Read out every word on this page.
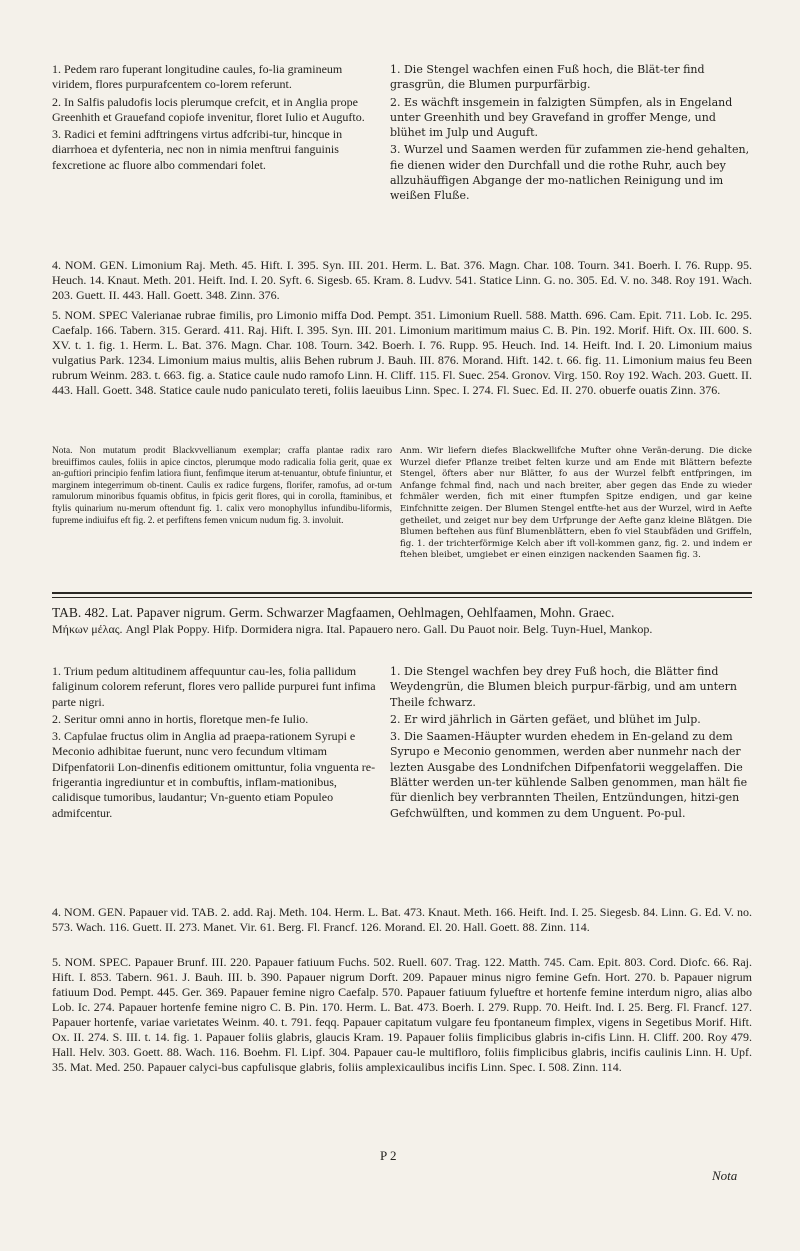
1. Pedem raro fuperant longitudine caules, fo-lia gramineum viridem, flores purpurafcentem co-lorem referunt.

2. In Salfis paludofis locis plerumque crefcit, et in Anglia prope Greenhith et Grauefand copiofe invenitur, floret Iulio et Augufto.

3. Radici et femini adftringens virtus adfcribi-tur, hincque in diarrhoea et dyfenteria, nec non in nimia menftrui fanguinis fexcretione ac fluore albo commendari folet.

1. Die Stengel wachfen einen Fuß hoch, die Blät-ter find grasgrün, die Blumen purpurfärbig.

2. Es wächft insgemein in falzigten Sümpfen, als in Engeland unter Greenhith und bey Gravefand in groffer Menge, und blühet im Julp und Auguft.

3. Wurzel und Saamen werden für zufammen zie-hend gehalten, fie dienen wider den Durchfall und die rothe Ruhr, auch bey allzuhäuffigen Abgange der mo-natlichen Reinigung und im weißen Fluße.

4. NOM. GEN. Limonium Raj. Meth. 45. Hift. I. 395. Syn. III. 201. Herm. L. Bat. 376. Magn. Char. 108. Tourn. 341. Boerh. I. 76. Rupp. 95. Heuch. 14. Knaut. Meth. 201. Heift. Ind. I. 20. Syft. 6. Sigesb. 65. Kram. 8. Ludvv. 541. Statice Linn. G. no. 305. Ed. V. no. 348. Roy 191. Wach. 203. Guett. II. 443. Hall. Goett. 348. Zinn. 376.
5. NOM. SPEC Valerianae rubrae fimilis, pro Limonio miffa Dod. Pempt. 351. Limonium Ruell. 588. Matth. 696. Cam. Epit. 711. Lob. Ic. 295. Caefalp. 166. Tabern. 315. Gerard. 411. Raj. Hift. I. 395. Syn. III. 201. Limonium maritimum maius C. B. Pin. 192. Morif. Hift. Ox. III. 600. S. XV. t. 1. fig. 1. Herm. L. Bat. 376. Magn. Char. 108. Tourn. 342. Boerh. I. 76. Rupp. 95. Heuch. Ind. 14. Heift. Ind. I. 20. Limonium maius vulgatius Park. 1234. Limonium maius multis, aliis Behen rubrum J. Bauh. III. 876. Morand. Hift. 142. t. 66. fig. 11. Limonium maius feu Been rubrum Weinm. 283. t. 663. fig. a. Statice caule nudo ramofo Linn. H. Cliff. 115. Fl. Suec. 254. Gronov. Virg. 150. Roy 192. Wach. 203. Guett. II. 443. Hall. Goett. 348. Statice caule nudo paniculato tereti, foliis laeuibus Linn. Spec. I. 274. Fl. Suec. Ed. II. 270. obuerfe ouatis Zinn. 376.
Nota. Non mutatum prodit Blackvvellianum exemplar; craffa plantae radix raro breuiffimos caules, foliis in apice cinctos, plerumque modo radicalia folia gerit, quae ex an-guftiori principio fenfim latiora fiunt, fenfimque iterum at-tenuantur, obtufe finiuntur, et marginem integerrimum ob-tinent. Caulis ex radice furgens, florifer, ramofus, ad or-tum ramulorum minoribus fquamis obfitus, in fpicis gerit flores, qui in corolla, ftaminibus, et ftylis quinarium nu-merum oftendunt fig. 1. calix vero monophyllus infundibu-liformis, fupreme indiuifus eft fig. 2. et perfiftens femen vnicum nudum fig. 3. involuit.
Anm. Wir liefern diefes Blackwellifche Mufter ohne Verän-derung. Die dicke Wurzel diefer Pflanze treibet felten kurze und am Ende mit Blättern befezte Stengel, öfters aber nur Blätter, fo aus der Wurzel felbft entfpringen, im Anfange fchmal find, nach und nach breiter, aber gegen das Ende zu wieder fchmäler werden, fich mit einer ftumpfen Spitze endigen, und gar keine Einfchnitte zeigen. Der Blumen Stengel entfte-het aus der Wurzel, wird in Aefte getheilet, und zeiget nur bey dem Urfprunge der Aefte ganz kleine Blätgen. Die Blumen beftehen aus fünf Blumenblättern, eben fo viel Staubfäden und Griffeln, fig. 1. der trichterförmige Kelch aber ift voll-kommen ganz, fig. 2. und indem er ftehen bleibet, umgiebet er einen einzigen nackenden Saamen fig. 3.
TAB. 482. Lat. Papaver nigrum. Germ. Schwarzer Magfaamen, Oehlmagen, Oehlfaamen, Mohn. Graec.
Μήκων μέλας. Angl Plak Poppy. Hifp. Dormidera nigra. Ital. Papauero nero. Gall. Du Pauot noir. Belg. Tuyn-Huel, Mankop.

1. Trium pedum altitudinem affequuntur cau-les, folia pallidum faliginum colorem referunt, flores vero pallide purpurei funt infima parte nigri.

2. Seritur omni anno in hortis, floretque men-fe Iulio.

3. Capfulae fructus olim in Anglia ad praepa-rationem Syrupi e Meconio adhibitae fuerunt, nunc vero fecundum vltimam Difpenfatorii Lon-dinenfis editionem omittuntur, folia vnguenta re-frigerantia ingrediuntur et in combuftis, inflam-mationibus, calidisque tumoribus, laudantur; Vn-guento etiam Populeo admifcentur.

1. Die Stengel wachfen bey drey Fuß hoch, die Blätter find Weydengrün, die Blumen bleich purpur-färbig, und am untern Theile fchwarz.

2. Er wird jährlich in Gärten gefäet, und blühet im Julp.

3. Die Saamen-Häupter wurden ehedem in En-geland zu dem Syrupo e Meconio genommen, werden aber nunmehr nach der lezten Ausgabe des Londnifchen Difpenfatorii weggelaffen. Die Blätter werden un-ter kühlende Salben genommen, man hält fie für dienlich bey verbrannten Theilen, Entzündungen, hitzi-gen Gefchwülften, und kommen zu dem Unguent. Po-pul.

4. NOM. GEN. Papauer vid. TAB. 2. add. Raj. Meth. 104. Herm. L. Bat. 473. Knaut. Meth. 166. Heift. Ind. I. 25. Siegesb. 84. Linn. G. Ed. V. no. 573. Wach. 116. Guett. II. 273. Manet. Vir. 61. Berg. Fl. Francf. 126. Morand. El. 20. Hall. Goett. 88. Zinn. 114.
5. NOM. SPEC. Papauer Brunf. III. 220. Papauer fatiuum Fuchs. 502. Ruell. 607. Trag. 122. Matth. 745. Cam. Epit. 803. Cord. Diofc. 66. Raj. Hift. I. 853. Tabern. 961. J. Bauh. III. b. 390. Papauer nigrum Dorft. 209. Papauer minus nigro femine Gefn. Hort. 270. b. Papauer nigrum fatiuum Dod. Pempt. 445. Ger. 369. Papauer femine nigro Caefalp. 570. Papauer fatiuum fylueftre et hortenfe femine interdum nigro, alias albo Lob. Ic. 274. Papauer hortenfe femine nigro C. B. Pin. 170. Herm. L. Bat. 473. Boerh. I. 279. Rupp. 70. Heift. Ind. I. 25. Berg. Fl. Francf. 127. Papauer hortenfe, variae varietates Weinm. 40. t. 791. feqq. Papauer capitatum vulgare feu fpontaneum fimplex, vigens in Segetibus Morif. Hift. Ox. II. 274. S. III. t. 14. fig. 1. Papauer foliis glabris, glaucis Kram. 19. Papauer foliis fimplicibus glabris in-cifis Linn. H. Cliff. 200. Roy 479. Hall. Helv. 303. Goett. 88. Wach. 116. Boehm. Fl. Lipf. 304. Papauer cau-le multifloro, foliis fimplicibus glabris, incifis caulinis Linn. H. Upf. 35. Mat. Med. 250. Papauer calyci-bus capfulisque glabris, foliis amplexicaulibus incifis Linn. Spec. I. 508. Zinn. 114.
P 2
Nota
